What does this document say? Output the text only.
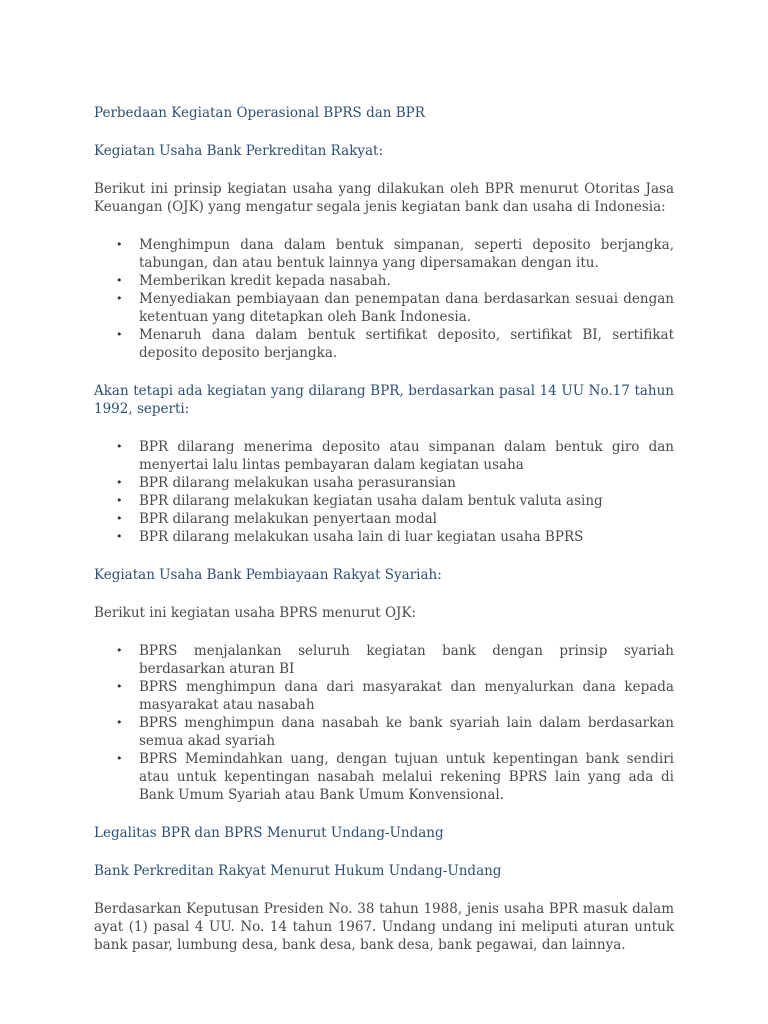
Perbedaan Kegiatan Operasional BPRS dan BPR

Kegiatan Usaha Bank Perkreditan Rakyat:

Berikut ini prinsip kegiatan usaha yang dilakukan oleh BPR menurut Otoritas Jasa Keuangan (OJK) yang mengatur segala jenis kegiatan bank dan usaha di Indonesia:

• Menghimpun dana dalam bentuk simpanan, seperti deposito berjangka, tabungan, dan atau bentuk lainnya yang dipersamakan dengan itu.
• Memberikan kredit kepada nasabah.
• Menyediakan pembiayaan dan penempatan dana berdasarkan sesuai dengan ketentuan yang ditetapkan oleh Bank Indonesia.
• Menaruh dana dalam bentuk sertifikat deposito, sertifikat BI, sertifikat deposito deposito berjangka.

Akan tetapi ada kegiatan yang dilarang BPR, berdasarkan pasal 14 UU No.17 tahun 1992, seperti:

• BPR dilarang menerima deposito atau simpanan dalam bentuk giro dan menyertai lalu lintas pembayaran dalam kegiatan usaha
• BPR dilarang melakukan usaha perasuransian
• BPR dilarang melakukan kegiatan usaha dalam bentuk valuta asing
• BPR dilarang melakukan penyertaan modal
• BPR dilarang melakukan usaha lain di luar kegiatan usaha BPRS

Kegiatan Usaha Bank Pembiayaan Rakyat Syariah:

Berikut ini kegiatan usaha BPRS menurut OJK:

• BPRS menjalankan seluruh kegiatan bank dengan prinsip syariah berdasarkan aturan BI
• BPRS menghimpun dana dari masyarakat dan menyalurkan dana kepada masyarakat atau nasabah
• BPRS menghimpun dana nasabah ke bank syariah lain dalam berdasarkan semua akad syariah
• BPRS Memindahkan uang, dengan tujuan untuk kepentingan bank sendiri atau untuk kepentingan nasabah melalui rekening BPRS lain yang ada di Bank Umum Syariah atau Bank Umum Konvensional.

Legalitas BPR dan BPRS Menurut Undang-Undang

Bank Perkreditan Rakyat Menurut Hukum Undang-Undang

Berdasarkan Keputusan Presiden No. 38 tahun 1988, jenis usaha BPR masuk dalam ayat (1) pasal 4 UU. No. 14 tahun 1967. Undang undang ini meliputi aturan untuk bank pasar, lumbung desa, bank desa, bank desa, bank pegawai, dan lainnya.
